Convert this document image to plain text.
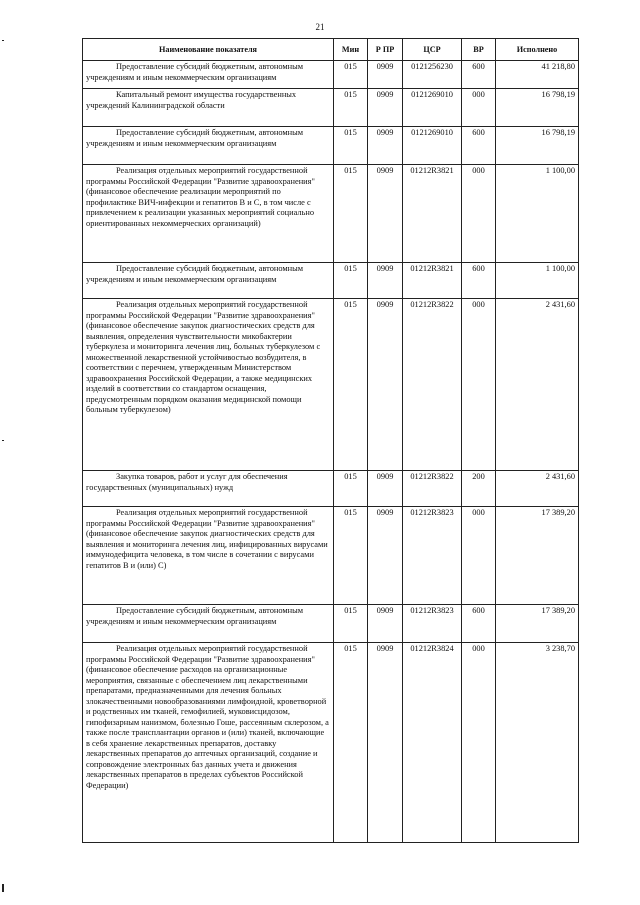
21
Наименование показателя	Мин	Р ПР	ЦСР	ВР	Исполнено
Предоставление субсидий бюджетным, автономным учреждениям и иным некоммерческим организациям	015	0909	0121256230	600	41 218,80
Капитальный ремонт имущества государственных учреждений Калининградской области	015	0909	0121269010	000	16 798,19
Предоставление субсидий бюджетным, автономным учреждениям и иным некоммерческим организациям	015	0909	0121269010	600	16 798,19
Реализация отдельных мероприятий государственной программы Российской Федерации "Развитие здравоохранения" (финансовое обеспечение реализации мероприятий по профилактике ВИЧ-инфекции и гепатитов В и С, в том числе с привлечением к реализации указанных мероприятий социально ориентированных некоммерческих организаций)	015	0909	01212R3821	000	1 100,00
Предоставление субсидий бюджетным, автономным учреждениям и иным некоммерческим организациям	015	0909	01212R3821	600	1 100,00
Реализация отдельных мероприятий государственной программы Российской Федерации "Развитие здравоохранения" (финансовое обеспечение закупок диагностических средств для выявления, определения чувствительности микобактерии туберкулеза и мониторинга лечения лиц, больных туберкулезом с множественной лекарственной устойчивостью возбудителя, в соответствии с перечнем, утвержденным Министерством здравоохранения Российской Федерации, а также медицинских изделий в соответствии со стандартом оснащения, предусмотренным порядком оказания медицинской помощи больным туберкулезом)	015	0909	01212R3822	000	2 431,60
Закупка товаров, работ и услуг для обеспечения государственных (муниципальных) нужд	015	0909	01212R3822	200	2 431,60
Реализация отдельных мероприятий государственной программы Российской Федерации "Развитие здравоохранения" (финансовое обеспечение закупок диагностических средств для выявления и мониторинга лечения лиц, инфицированных вирусами иммунодефицита человека, в том числе в сочетании с вирусами гепатитов В и (или) С)	015	0909	01212R3823	000	17 389,20
Предоставление субсидий бюджетным, автономным учреждениям и иным некоммерческим организациям	015	0909	01212R3823	600	17 389,20
Реализация отдельных мероприятий государственной программы Российской Федерации "Развитие здравоохранения" (финансовое обеспечение расходов на организационные мероприятия, связанные с обеспечением лиц лекарственными препаратами, предназначенными для лечения больных злокачественными новообразованиями лимфоидной, кроветворной и родственных им тканей, гемофилией, муковисцидозом, гипофизарным нанизмом, болезнью Гоше, рассеянным склерозом, а также после трансплантации органов и (или) тканей, включающие в себя хранение лекарственных препаратов, доставку лекарственных препаратов до аптечных организаций, создание и сопровождение электронных баз данных учета и движения лекарственных препаратов в пределах субъектов Российской Федерации)	015	0909	01212R3824	000	3 238,70
